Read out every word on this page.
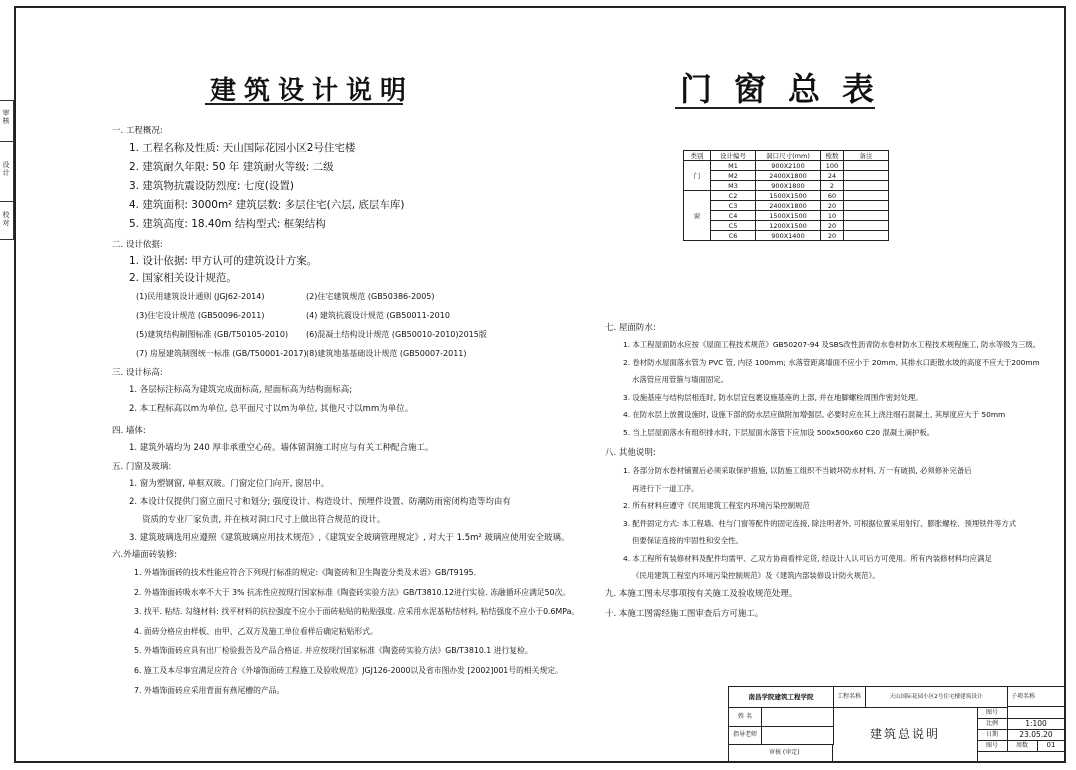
审核
设计
校对
建筑设计说明	门窗总表
一. 工程概况:
1. 工程名称及性质: 天山国际花园小区2号住宅楼
2. 建筑耐久年限: 50 年 建筑耐火等级: 二级
3. 建筑物抗震设防烈度: 七度(设置)
4. 建筑面积: 3000m² 建筑层数: 多层住宅(六层, 底层车库)
5. 建筑高度: 18.40m 结构型式: 框架结构
二. 设计依据:
1. 设计依据: 甲方认可的建筑设计方案。
2. 国家相关设计规范。
(1)民用建筑设计通则 (JGJ62-2014)	(2)住宅建筑规范 (GB50386-2005)
(3)住宅设计规范 (GB50096-2011)	(4) 建筑抗震设计规范 (GB50011-2010
(5)建筑结构制图标准 (GB/T50105-2010) (6)混凝土结构设计规范 (GB50010-2010)2015版
(7) 房屋建筑制图统一标准 (GB/T50001-2017) (8)建筑地基基础设计规范 (GB50007-2011)
三. 设计标高:
1. 各层标注标高为建筑完成面标高, 屋面标高为结构面标高;
2. 本工程标高以m为单位, 总平面尺寸以m为单位, 其他尺寸以mm为单位。
四. 墙体:
1. 建筑外墙均为 240 厚非承重空心砖。墙体留洞施工时应与有关工种配合施工。
五. 门窗及玻璃:
1. 窗为塑钢窗, 单框双玻。门窗定位门向开, 窗居中。
2. 本设计仅提供门窗立面尺寸和划分; 强度设计、构造设计、预埋件设置、防潮防雨密闭构造等均由有
资质的专业厂家负责, 并在核对洞口尺寸上做出符合规范的设计。
3. 建筑玻璃选用应遵照《建筑玻璃应用技术规范》,《建筑安全玻璃管理规定》, 对大于 1.5m² 玻璃应使用安全玻璃。
六.外墙面砖装修:
1. 外墙饰面砖的技术性能应符合下列现行标准的规定:《陶瓷砖和卫生陶瓷分类及术语》GB/T9195.
2. 外墙饰面砖吸水率不大于 3% 抗冻性应按现行国家标准《陶瓷砖实验方法》GB/T3810.12进行实验. 冻融循环应满足50次。
3. 找平. 粘结. 勾缝材料: 找平材料的抗拉强度不应小于面砖粘贴的粘贴强度. 应采用水泥基粘结材料, 粘结强度不应小于0.6MPa。
4. 面砖分格应由样板、由甲、乙双方及施工单位看样后确定粘贴形式。
5. 外墙饰面砖应具有出厂检验报告及产品合格证. 并应按现行国家标准《陶瓷砖实验方法》GB/T3810.1 进行复检。
6. 施工及本尽事宜满足应符合《外墙饰面砖工程施工及验收规范》JGJ126-2000以及省市图办发 [2002]001号的相关规定。
7. 外墙饰面砖应采用背面有燕尾槽的产品。
类别	设计编号	洞口尺寸(mm)	樘数	备注
门	M1	900X2100	100	
	M2	2400X1800	24	
	M3	900X1800	2	
窗	C2	1500X1500	60	
	C3	2400X1800	20	
	C4	1500X1500	10	
	C5	1200X1500	20	
	C6	900X1400	20	
七. 屋面防水:
1. 本工程屋面防水应按《屋面工程技术规范》GB50207-94 及SBS改性沥青防水卷材防水工程技术规程施工, 防水等级为三级。
2. 卷材防水屋面落水管为 PVC 管, 内径 100mm; 水落管距离墙面不应小于 20mm, 其排水口距散水坡的高度不应大于200mm
水落管应用管箍与墙面固定。
3. 设施基座与结构层相连时, 防水层宜包裹设施基座的上部, 并在地脚螺栓周围作密封处理。
4. 在防水层上放置设施时, 设施下部的防水层应做附加增强层, 必要时应在其上浇注细石混凝土, 其厚度应大于 50mm
5. 当上层屋面落水有组织排水时, 下层屋面水落管下应加设 500x500x60 C20 混凝土滴护板。
八. 其他说明:
1. 各部分防水卷材铺置后必须采取保护措施, 以防施工组织不当破坏防水材料, 万一有破损, 必须修补完备后
再进行下一道工序。
2. 所有材料应遵守《民用建筑工程室内环境污染控制规范
3. 配件固定方式: 本工程墙、柱与门窗等配件的固定连接, 除注明者外, 可根据位置采用射钉、膨胀螺栓、预埋铁件等方式
但要保证连接的牢固性和安全性。
4. 本工程所有装修材料及配件均需甲、乙双方协商看样定货, 经设计人认可后方可使用。所有内装修材料均应满足
《民用建筑工程室内环境污染控制规范》及《建筑内部装修设计防火规范》。
九. 本施工图未尽事项按有关施工及验收规范处理。
十. 本施工图需经施工图审查后方可施工。
南昌学院建筑工程学院	工程名称	天山国际花园小区2号住宅楼建筑设计	子项名称
姓 名
指导老师
审核 (审定)
建筑总说明
图号
比例	1:100
日期	23.05.20
图号	周数	01
